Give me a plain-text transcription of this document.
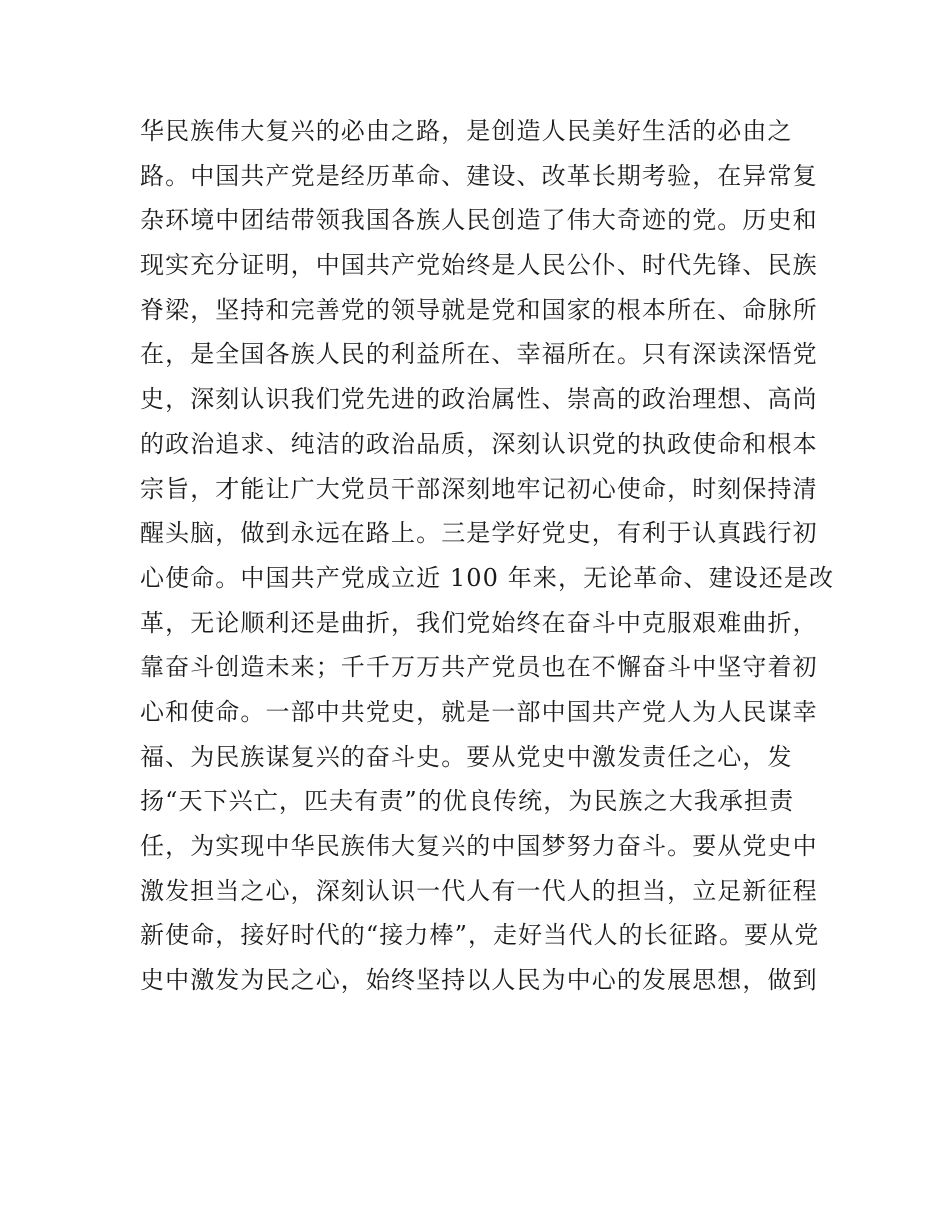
华民族伟大复兴的必由之路，是创造人民美好生活的必由之
路。中国共产党是经历革命、建设、改革长期考验，在异常复
杂环境中团结带领我国各族人民创造了伟大奇迹的党。历史和
现实充分证明，中国共产党始终是人民公仆、时代先锋、民族
脊梁，坚持和完善党的领导就是党和国家的根本所在、命脉所
在，是全国各族人民的利益所在、幸福所在。只有深读深悟党
史，深刻认识我们党先进的政治属性、崇高的政治理想、高尚
的政治追求、纯洁的政治品质，深刻认识党的执政使命和根本
宗旨，才能让广大党员干部深刻地牢记初心使命，时刻保持清
醒头脑，做到永远在路上。三是学好党史，有利于认真践行初
心使命。中国共产党成立近 100 年来，无论革命、建设还是改
革，无论顺利还是曲折，我们党始终在奋斗中克服艰难曲折，
靠奋斗创造未来；千千万万共产党员也在不懈奋斗中坚守着初
心和使命。一部中共党史，就是一部中国共产党人为人民谋幸
福、为民族谋复兴的奋斗史。要从党史中激发责任之心，发
扬“天下兴亡，匹夫有责”的优良传统，为民族之大我承担责
任，为实现中华民族伟大复兴的中国梦努力奋斗。要从党史中
激发担当之心，深刻认识一代人有一代人的担当，立足新征程
新使命，接好时代的“接力棒”，走好当代人的长征路。要从党
史中激发为民之心，始终坚持以人民为中心的发展思想，做到
